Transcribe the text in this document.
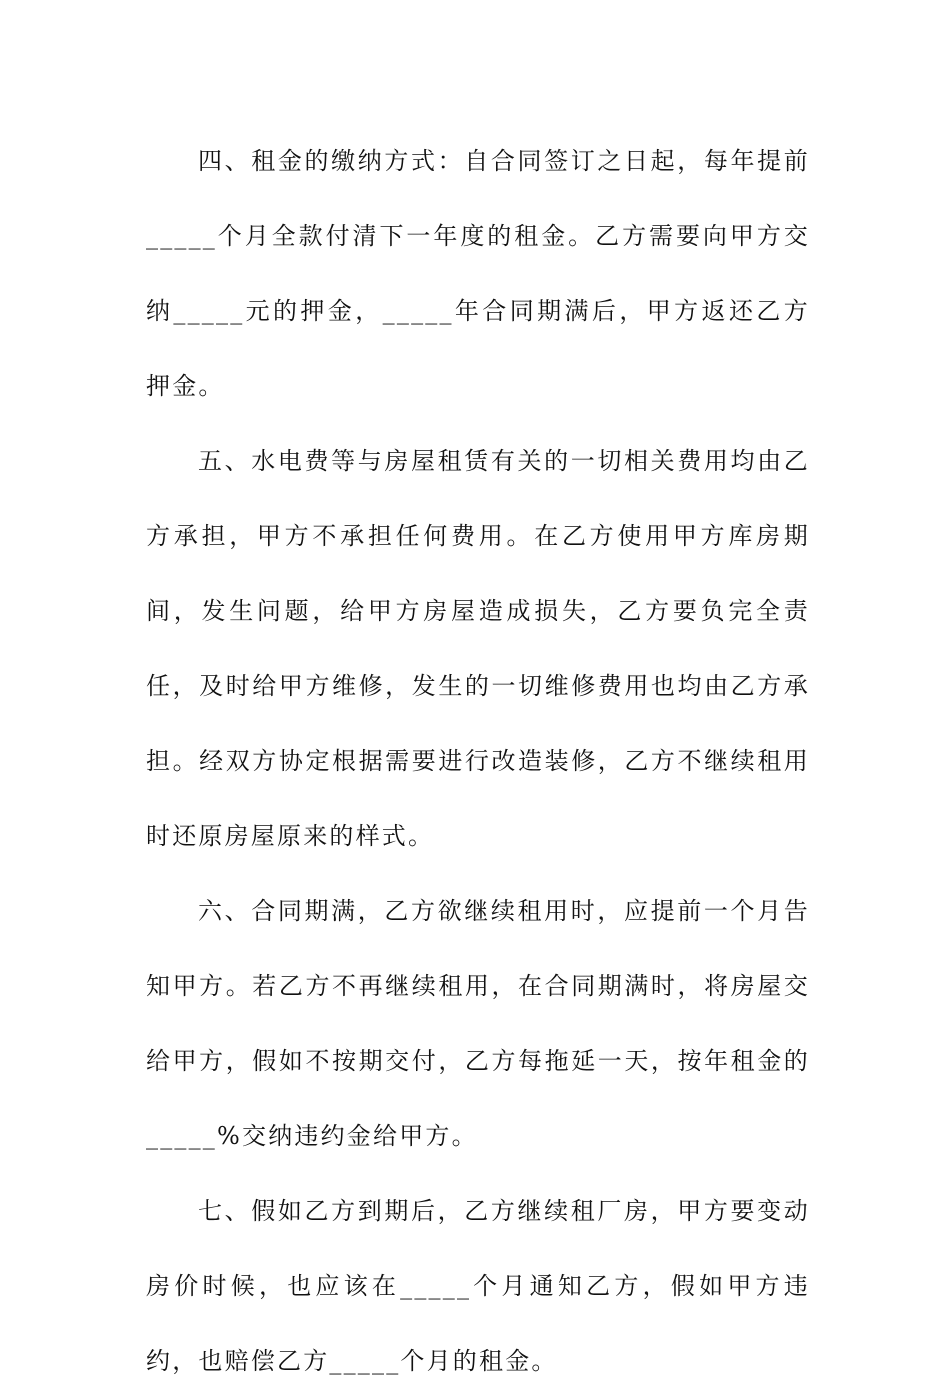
四、租金的缴纳方式：自合同签订之日起，每年提前_____个月全款付清下一年度的租金。乙方需要向甲方交纳_____元的押金，_____年合同期满后，甲方返还乙方押金。

五、水电费等与房屋租赁有关的一切相关费用均由乙方承担，甲方不承担任何费用。在乙方使用甲方库房期间，发生问题，给甲方房屋造成损失，乙方要负完全责任，及时给甲方维修，发生的一切维修费用也均由乙方承担。经双方协定根据需要进行改造装修，乙方不继续租用时还原房屋原来的样式。

六、合同期满，乙方欲继续租用时，应提前一个月告知甲方。若乙方不再继续租用，在合同期满时，将房屋交给甲方，假如不按期交付，乙方每拖延一天，按年租金的_____%交纳违约金给甲方。

七、假如乙方到期后，乙方继续租厂房，甲方要变动房价时候，也应该在_____个月通知乙方，假如甲方违约，也赔偿乙方_____个月的租金。
